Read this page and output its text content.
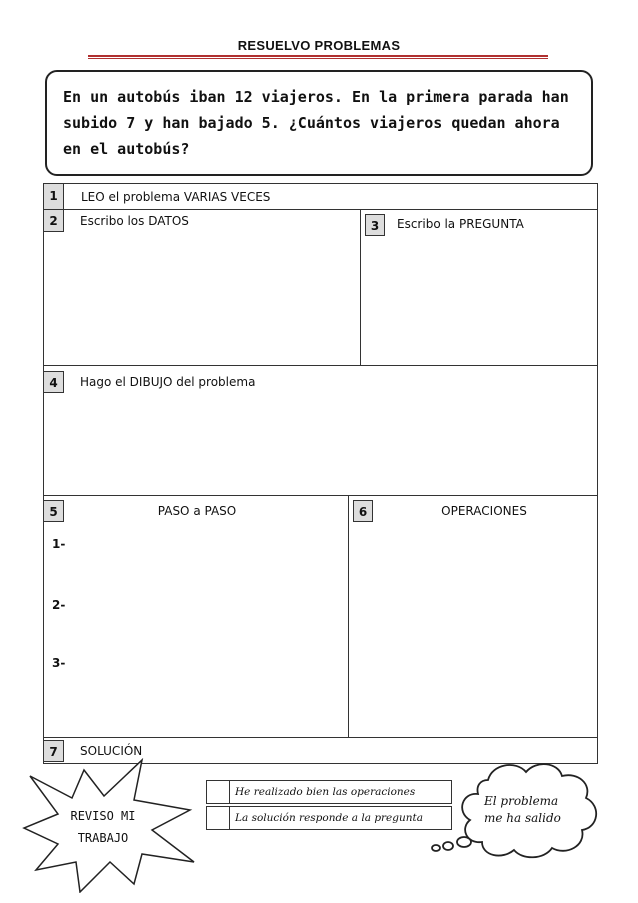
RESUELVO PROBLEMAS
En un autobús iban 12 viajeros. En la primera parada han subido 7 y han bajado 5. ¿Cuántos viajeros quedan ahora en el autobús?
1	LEO el problema VARIAS VECES
2	Escribo los DATOS	3	Escribo la PREGUNTA
4	Hago el DIBUJO del problema
5	PASO a PASO
1-
2-
3-
6	OPERACIONES
7	SOLUCIÓN
REVISO MI TRABAJO
He realizado bien las operaciones
La solución responde a la pregunta
El problema me ha salido
